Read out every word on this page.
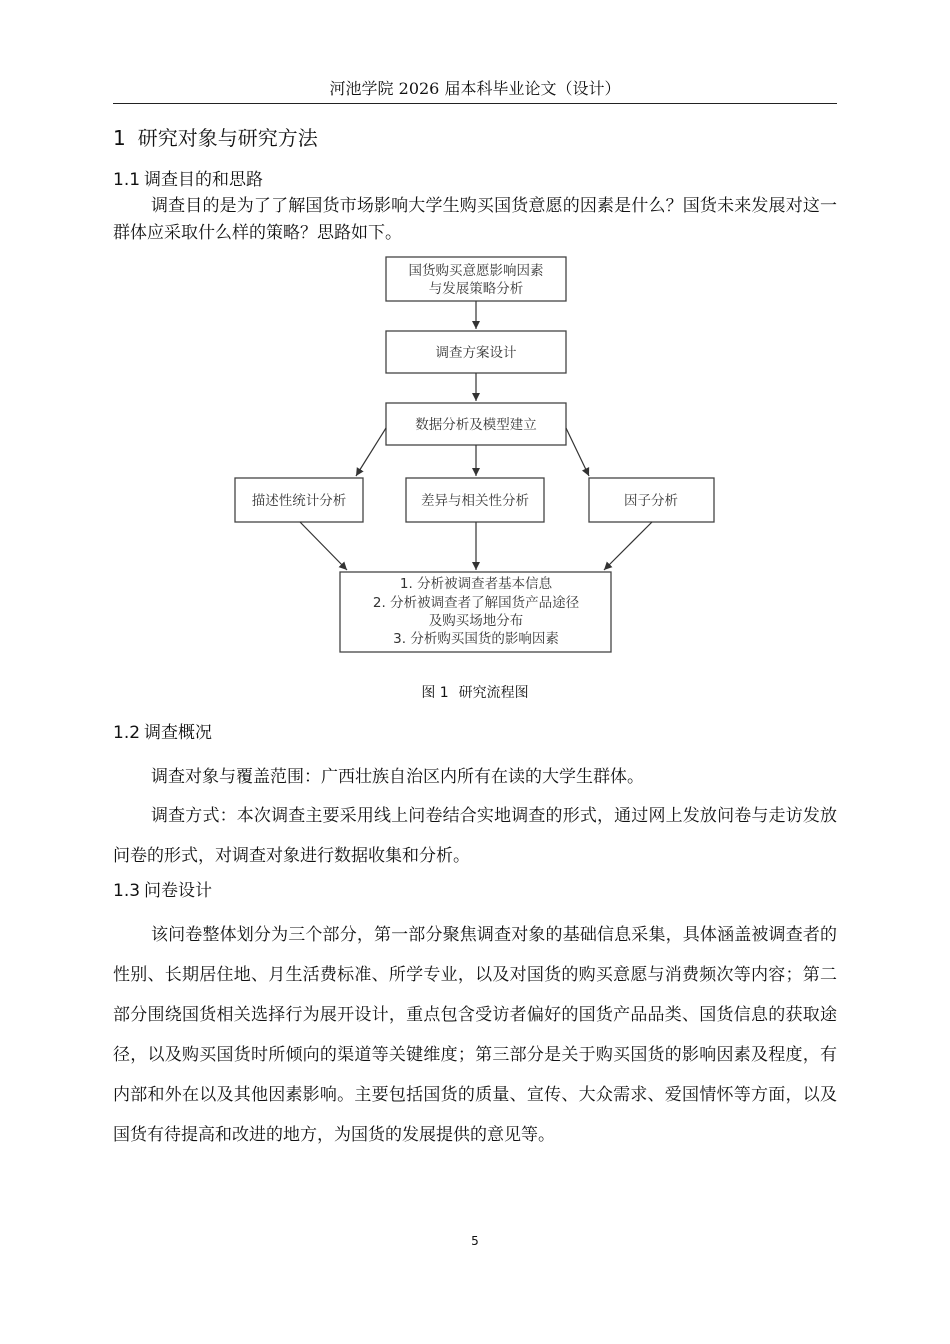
河池学院 2026 届本科毕业论文（设计）
1 研究对象与研究方法
1.1 调查目的和思路

调查目的是为了了解国货市场影响大学生购买国货意愿的因素是什么？国货未来发展对这一群体应采取什么样的策略？思路如下。

国货购买意愿影响因素
与发展策略分析
调查方案设计
数据分析及模型建立
描述性统计分析	差异与相关性分析	因子分析
1. 分析被调查者基本信息
2. 分析被调查者了解国货产品途径
及购买场地分布
3. 分析购买国货的影响因素
图 1 研究流程图
1.2 调查概况

调查对象与覆盖范围：广西壮族自治区内所有在读的大学生群体。

调查方式：本次调查主要采用线上问卷结合实地调查的形式，通过网上发放问卷与走访发放问卷的形式，对调查对象进行数据收集和分析。

1.3 问卷设计

该问卷整体划分为三个部分，第一部分聚焦调查对象的基础信息采集，具体涵盖被调查者的性别、长期居住地、月生活费标准、所学专业，以及对国货的购买意愿与消费频次等内容；第二部分围绕国货相关选择行为展开设计，重点包含受访者偏好的国货产品品类、国货信息的获取途径，以及购买国货时所倾向的渠道等关键维度；第三部分是关于购买国货的影响因素及程度，有内部和外在以及其他因素影响。主要包括国货的质量、宣传、大众需求、爱国情怀等方面，以及国货有待提高和改进的地方，为国货的发展提供的意见等。

5
